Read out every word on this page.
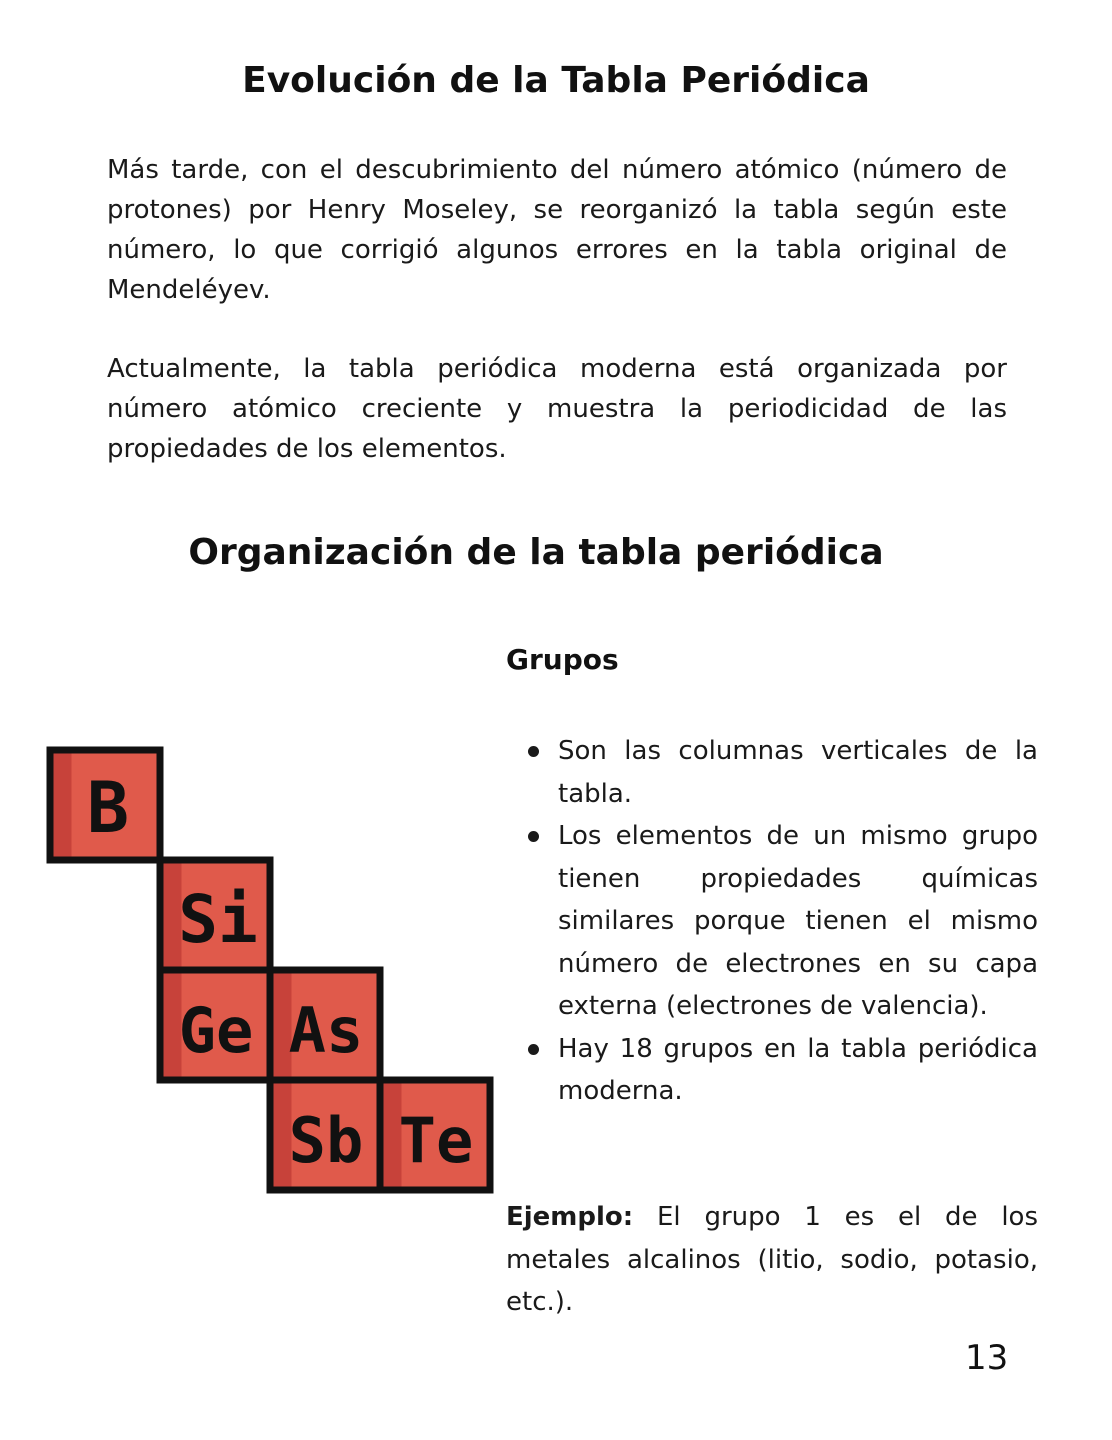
Evolución de la Tabla Periódica

Más tarde, con el descubrimiento del número atómico (número de protones) por Henry Moseley, se reorganizó la tabla según este número, lo que corrigió algunos errores en la tabla original de Mendeléyev.

Actualmente, la tabla periódica moderna está organizada por número atómico creciente y muestra la periodicidad de las propiedades de los elementos.

Organización de la tabla periódica
B
Si
Ge As
Sb Te
Grupos
Son las columnas verticales de la tabla.
Los elementos de un mismo grupo tienen propiedades químicas similares porque tienen el mismo número de electrones en su capa externa (electrones de valencia).
Hay 18 grupos en la tabla periódica moderna.

Ejemplo: El grupo 1 es el de los metales alcalinos (litio, sodio, potasio, etc.).

13
